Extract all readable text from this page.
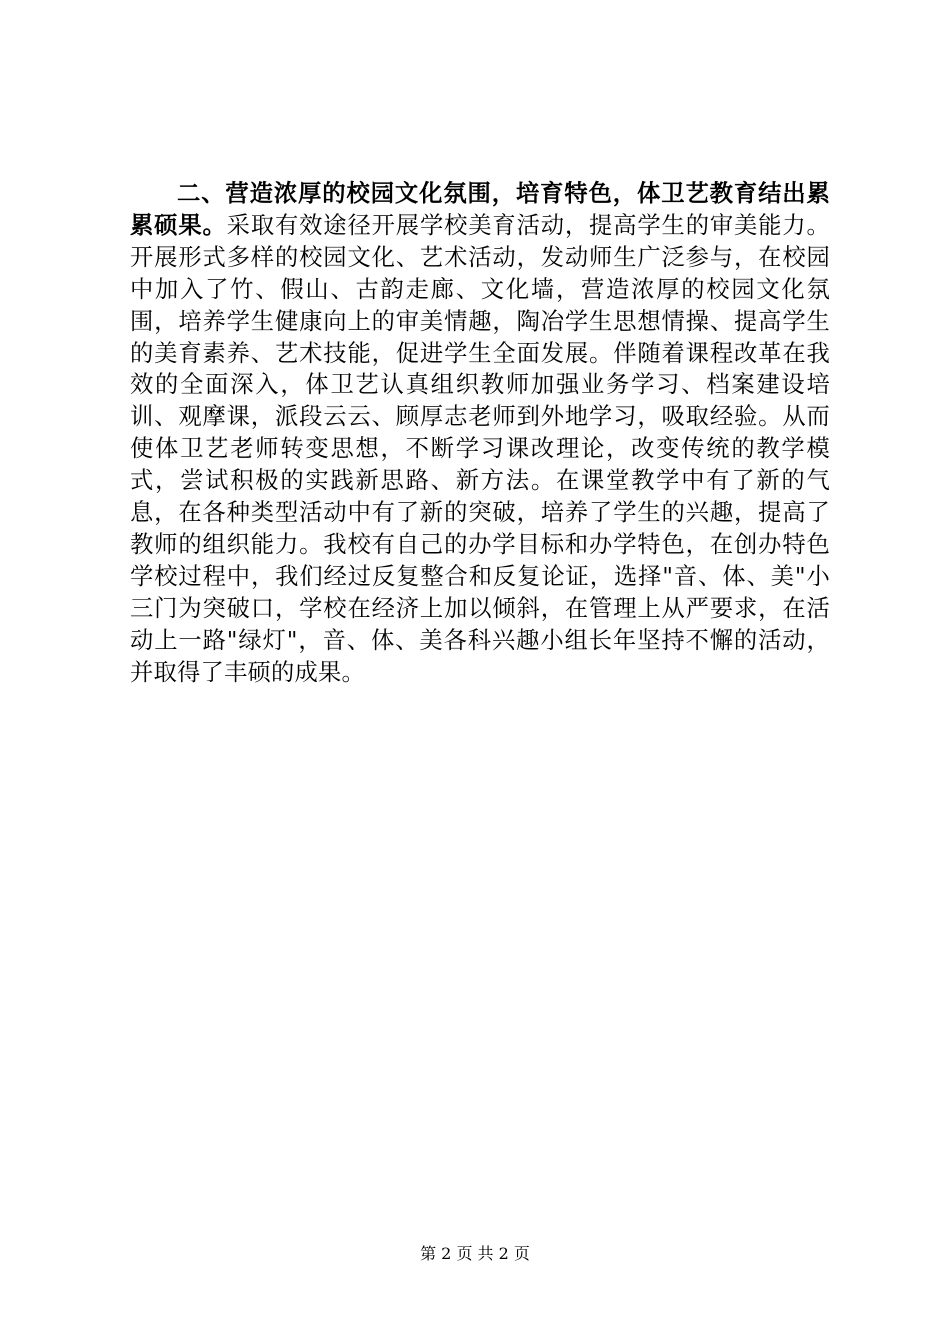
二、营造浓厚的校园文化氛围，培育特色，体卫艺教育结出累累硕果。采取有效途径开展学校美育活动，提高学生的审美能力。开展形式多样的校园文化、艺术活动，发动师生广泛参与，在校园中加入了竹、假山、古韵走廊、文化墙，营造浓厚的校园文化氛围，培养学生健康向上的审美情趣，陶冶学生思想情操、提高学生的美育素养、艺术技能，促进学生全面发展。伴随着课程改革在我效的全面深入，体卫艺认真组织教师加强业务学习、档案建设培训、观摩课，派段云云、顾厚志老师到外地学习，吸取经验。从而使体卫艺老师转变思想，不断学习课改理论，改变传统的教学模式，尝试积极的实践新思路、新方法。在课堂教学中有了新的气息，在各种类型活动中有了新的突破，培养了学生的兴趣，提高了教师的组织能力。我校有自己的办学目标和办学特色，在创办特色学校过程中，我们经过反复整合和反复论证，选择"音、体、美"小三门为突破口，学校在经济上加以倾斜，在管理上从严要求，在活动上一路"绿灯"，音、体、美各科兴趣小组长年坚持不懈的活动，并取得了丰硕的成果。

第 2 页 共 2 页
